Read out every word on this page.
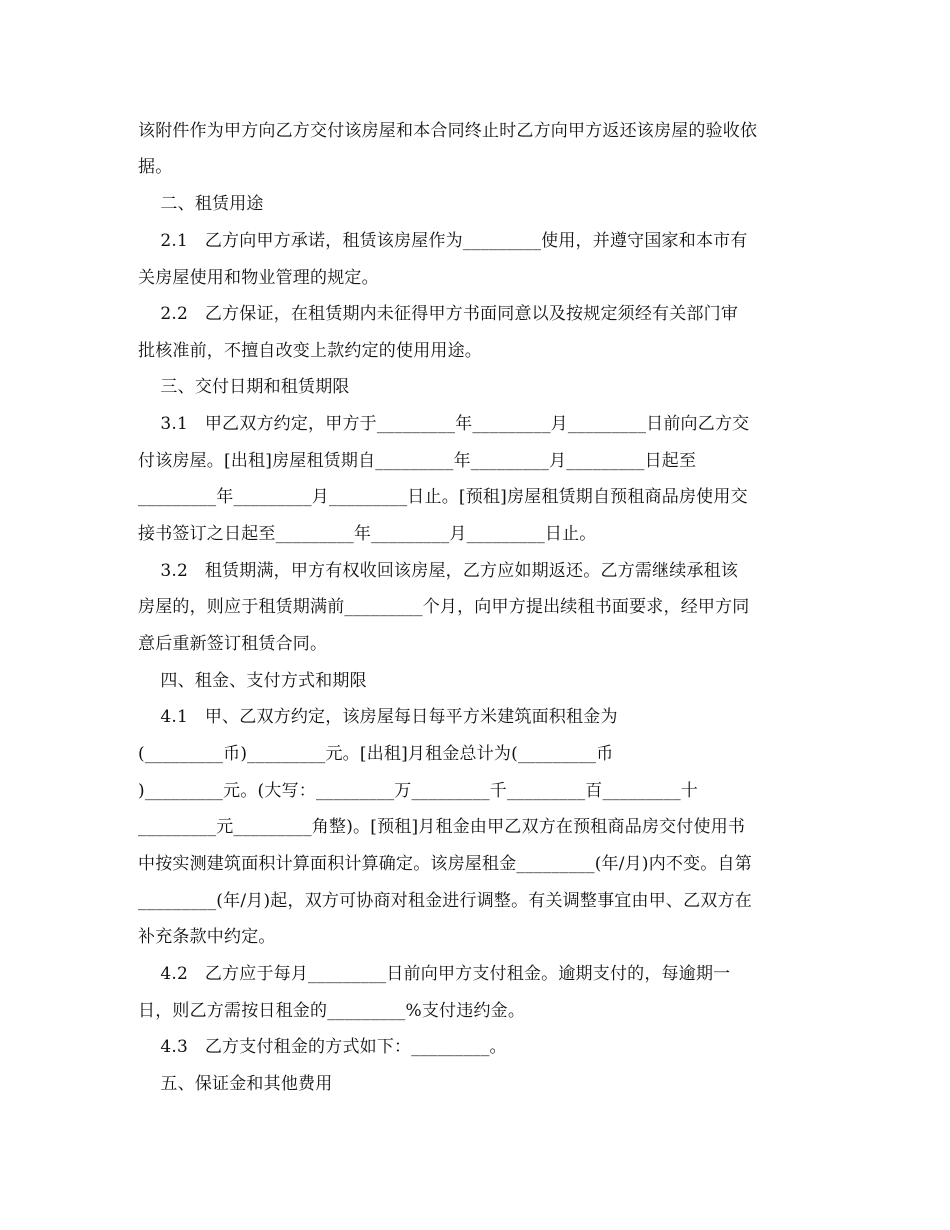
该附件作为甲方向乙方交付该房屋和本合同终止时乙方向甲方返还该房屋的验收依
据。
二、租赁用途
2.1   乙方向甲方承诺，租赁该房屋作为_________使用，并遵守国家和本市有
关房屋使用和物业管理的规定。
2.2   乙方保证，在租赁期内未征得甲方书面同意以及按规定须经有关部门审
批核准前，不擅自改变上款约定的使用用途。
三、交付日期和租赁期限
3.1   甲乙双方约定，甲方于_________年_________月_________日前向乙方交
付该房屋。[出租]房屋租赁期自_________年_________月_________日起至
_________年_________月_________日止。[预租]房屋租赁期自预租商品房使用交
接书签订之日起至_________年_________月_________日止。
3.2   租赁期满，甲方有权收回该房屋，乙方应如期返还。乙方需继续承租该
房屋的，则应于租赁期满前_________个月，向甲方提出续租书面要求，经甲方同
意后重新签订租赁合同。
四、租金、支付方式和期限
4.1   甲、乙双方约定，该房屋每日每平方米建筑面积租金为
(_________币)_________元。[出租]月租金总计为(_________币
)_________元。(大写：_________万_________千_________百_________十
_________元_________角整)。[预租]月租金由甲乙双方在预租商品房交付使用书
中按实测建筑面积计算面积计算确定。该房屋租金_________(年/月)内不变。自第
_________(年/月)起，双方可协商对租金进行调整。有关调整事宜由甲、乙双方在
补充条款中约定。
4.2   乙方应于每月_________日前向甲方支付租金。逾期支付的，每逾期一
日，则乙方需按日租金的_________%支付违约金。
4.3   乙方支付租金的方式如下：_________。
五、保证金和其他费用
